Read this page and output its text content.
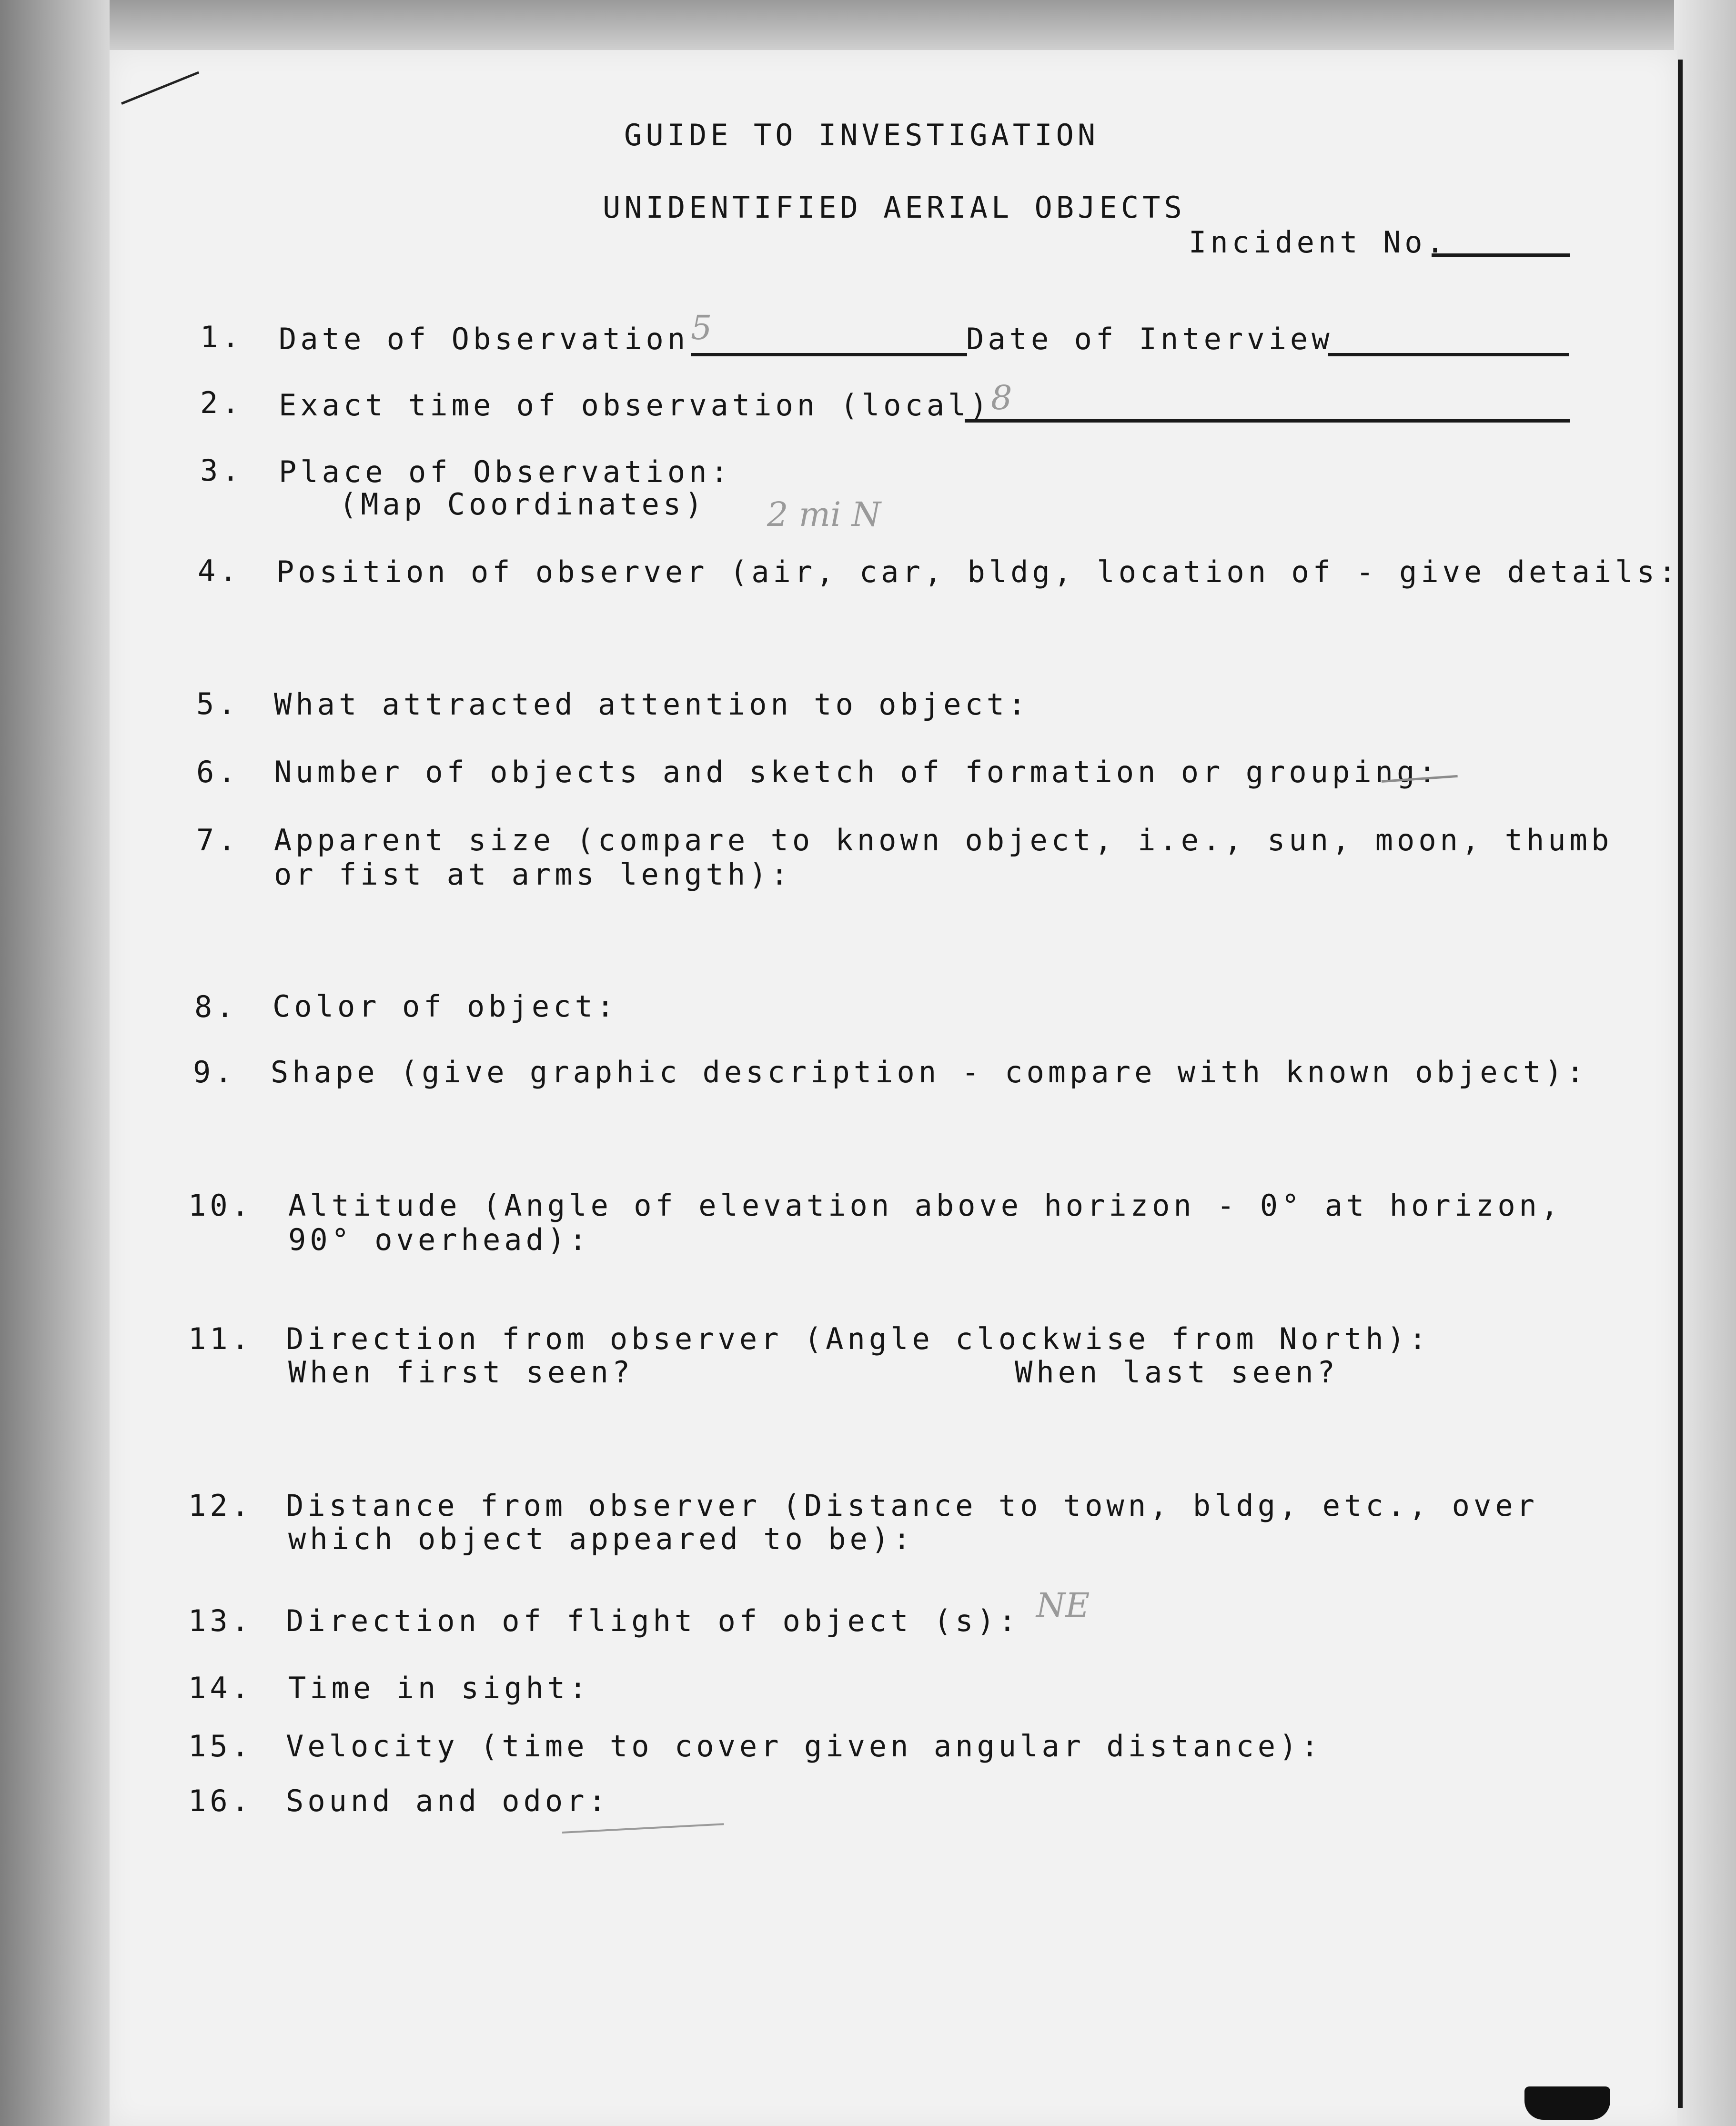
GUIDE TO INVESTIGATION
UNIDENTIFIED AERIAL OBJECTS
Incident No.
1. Date of Observation 5	Date of Interview
2. Exact time of observation (local) 8
3. Place of Observation:
(Map Coordinates) 2 mi N
4. Position of observer (air, car, bldg, location of - give details:
5. What attracted attention to object:
6. Number of objects and sketch of formation or grouping:
7. Apparent size (compare to known object, i.e., sun, moon, thumb
or fist at arms length):
8. Color of object:
9. Shape (give graphic description - compare with known object):
10. Altitude (Angle of elevation above horizon - 0° at horizon,
90° overhead):
11. Direction from observer (Angle clockwise from North):
When first seen?	When last seen?
12. Distance from observer (Distance to town, bldg, etc., over
which object appeared to be):
13. Direction of flight of object (s): NE
14. Time in sight:
15. Velocity (time to cover given angular distance):
16. Sound and odor:
